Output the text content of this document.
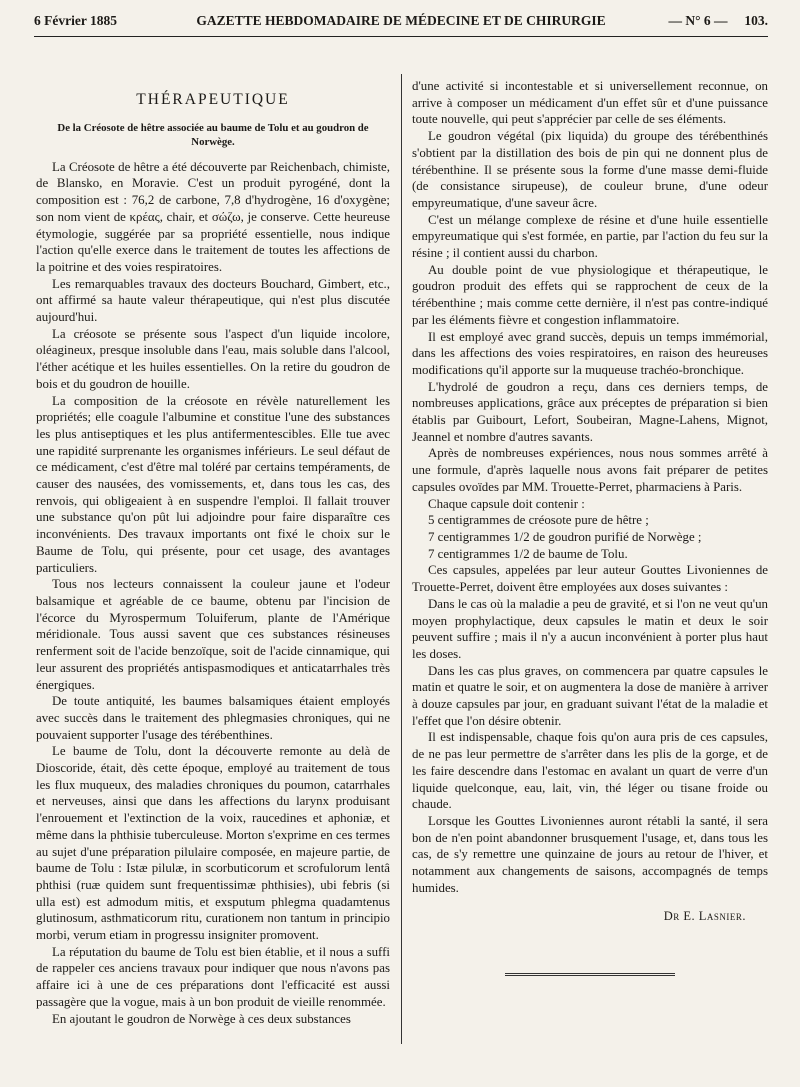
6 Février 1885	GAZETTE HEBDOMADAIRE DE MÉDECINE ET DE CHIRURGIE	— N° 6 — 103.
THÉRAPEUTIQUE
De la Créosote de hêtre associée au baume de Tolu et au goudron de Norwège.

La Créosote de hêtre a été découverte par Reichenbach, chimiste, de Blansko, en Moravie. C'est un produit pyrogéné, dont la composition est : 76,2 de carbone, 7,8 d'hydrogène, 16 d'oxygène; son nom vient de κρέας, chair, et σώζω, je conserve. Cette heureuse étymologie, suggérée par sa propriété essentielle, nous indique l'action qu'elle exerce dans le traitement de toutes les affections de la poitrine et des voies respiratoires.

Les remarquables travaux des docteurs Bouchard, Gimbert, etc., ont affirmé sa haute valeur thérapeutique, qui n'est plus discutée aujourd'hui.

La créosote se présente sous l'aspect d'un liquide incolore, oléagineux, presque insoluble dans l'eau, mais soluble dans l'alcool, l'éther acétique et les huiles essentielles. On la retire du goudron de bois et du goudron de houille.

La composition de la créosote en révèle naturellement les propriétés; elle coagule l'albumine et constitue l'une des substances les plus antiseptiques et les plus antifermentescibles. Elle tue avec une rapidité surprenante les organismes inférieurs. Le seul défaut de ce médicament, c'est d'être mal toléré par certains tempéraments, de causer des nausées, des vomissements, et, dans tous les cas, des renvois, qui obligeaient à en suspendre l'emploi. Il fallait trouver une substance qu'on pût lui adjoindre pour faire disparaître ces inconvénients. Des travaux importants ont fixé le choix sur le Baume de Tolu, qui présente, pour cet usage, des avantages particuliers.

Tous nos lecteurs connaissent la couleur jaune et l'odeur balsamique et agréable de ce baume, obtenu par l'incision de l'écorce du Myrospermum Toluiferum, plante de l'Amérique méridionale. Tous aussi savent que ces substances résineuses renferment soit de l'acide benzoïque, soit de l'acide cinnamique, qui leur assurent des propriétés antispasmodiques et anticatarrhales très énergiques.

De toute antiquité, les baumes balsamiques étaient employés avec succès dans le traitement des phlegmasies chroniques, qui ne pouvaient supporter l'usage des térébenthines.

Le baume de Tolu, dont la découverte remonte au delà de Dioscoride, était, dès cette époque, employé au traitement de tous les flux muqueux, des maladies chroniques du poumon, catarrhales et nerveuses, ainsi que dans les affections du larynx produisant l'enrouement et l'extinction de la voix, raucedines et aphoniæ, et même dans la phthisie tuberculeuse. Morton s'exprime en ces termes au sujet d'une préparation pilulaire composée, en majeure partie, de baume de Tolu : Istæ pilulæ, in scorbuticorum et scrofulorum lentâ phthisi (ruæ quidem sunt frequentissimæ phthisies), ubi febris (si ulla est) est admodum mitis, et exsputum phlegma quadamtenus glutinosum, asthmaticorum ritu, curationem non tantum in principio morbi, verum etiam in progressu insigniter promovent.

La réputation du baume de Tolu est bien établie, et il nous a suffi de rappeler ces anciens travaux pour indiquer que nous n'avons pas affaire ici à une de ces préparations dont l'efficacité est aussi passagère que la vogue, mais à un bon produit de vieille renommée.

En ajoutant le goudron de Norwège à ces deux substances

d'une activité si incontestable et si universellement reconnue, on arrive à composer un médicament d'un effet sûr et d'une puissance toute nouvelle, qui peut s'apprécier par celle de ses éléments.

Le goudron végétal (pix liquida) du groupe des térébenthinés s'obtient par la distillation des bois de pin qui ne donnent plus de térébenthine. Il se présente sous la forme d'une masse demi-fluide (de consistance sirupeuse), de couleur brune, d'une odeur empyreumatique, d'une saveur âcre.

C'est un mélange complexe de résine et d'une huile essentielle empyreumatique qui s'est formée, en partie, par l'action du feu sur la résine ; il contient aussi du charbon.

Au double point de vue physiologique et thérapeutique, le goudron produit des effets qui se rapprochent de ceux de la térébenthine ; mais comme cette dernière, il n'est pas contre-indiqué par les éléments fièvre et congestion inflammatoire.

Il est employé avec grand succès, depuis un temps immémorial, dans les affections des voies respiratoires, en raison des heureuses modifications qu'il apporte sur la muqueuse trachéo-bronchique.

L'hydrolé de goudron a reçu, dans ces derniers temps, de nombreuses applications, grâce aux préceptes de préparation si bien établis par Guibourt, Lefort, Soubeiran, Magne-Lahens, Mignot, Jeannel et nombre d'autres savants.

Après de nombreuses expériences, nous nous sommes arrêté à une formule, d'après laquelle nous avons fait préparer de petites capsules ovoïdes par MM. Trouette-Perret, pharmaciens à Paris.

Chaque capsule doit contenir :

5 centigrammes de créosote pure de hêtre ;

7 centigrammes 1/2 de goudron purifié de Norwège ;

7 centigrammes 1/2 de baume de Tolu.

Ces capsules, appelées par leur auteur Gouttes Livoniennes de Trouette-Perret, doivent être employées aux doses suivantes :

Dans le cas où la maladie a peu de gravité, et si l'on ne veut qu'un moyen prophylactique, deux capsules le matin et deux le soir peuvent suffire ; mais il n'y a aucun inconvénient à porter plus haut les doses.

Dans les cas plus graves, on commencera par quatre capsules le matin et quatre le soir, et on augmentera la dose de manière à arriver à douze capsules par jour, en graduant suivant l'état de la maladie et l'effet que l'on désire obtenir.

Il est indispensable, chaque fois qu'on aura pris de ces capsules, de ne pas leur permettre de s'arrêter dans les plis de la gorge, et de les faire descendre dans l'estomac en avalant un quart de verre d'un liquide quelconque, eau, lait, vin, thé léger ou tisane froide ou chaude.

Lorsque les Gouttes Livoniennes auront rétabli la santé, il sera bon de n'en point abandonner brusquement l'usage, et, dans tous les cas, de s'y remettre une quinzaine de jours au retour de l'hiver, et notamment aux changements de saisons, accompagnés de temps humides.

Dr E. Lasnier.
